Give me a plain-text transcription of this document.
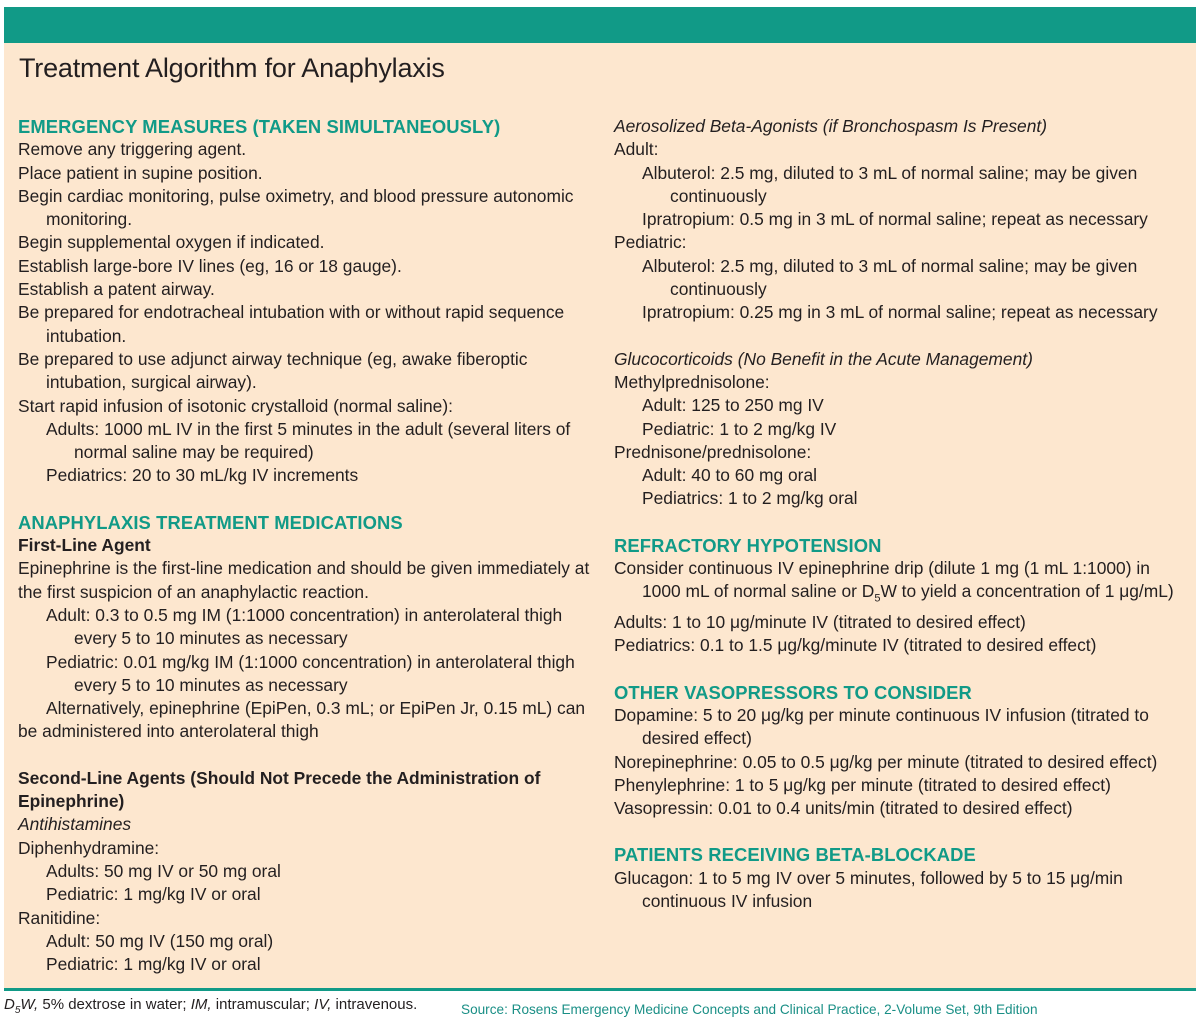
Treatment Algorithm for Anaphylaxis

EMERGENCY MEASURES (TAKEN SIMULTANEOUSLY)

Remove any triggering agent.

Place patient in supine position.

Begin cardiac monitoring, pulse oximetry, and blood pressure autonomic monitoring.

Begin supplemental oxygen if indicated.

Establish large-bore IV lines (eg, 16 or 18 gauge).

Establish a patent airway.

Be prepared for endotracheal intubation with or without rapid sequence intubation.

Be prepared to use adjunct airway technique (eg, awake fiberoptic intubation, surgical airway).

Start rapid infusion of isotonic crystalloid (normal saline):

Adults: 1000 mL IV in the first 5 minutes in the adult (several liters of normal saline may be required)

Pediatrics: 20 to 30 mL/kg IV increments

ANAPHYLAXIS TREATMENT MEDICATIONS

First-Line Agent

Epinephrine is the first-line medication and should be given immediately at the first suspicion of an anaphylactic reaction.

Adult: 0.3 to 0.5 mg IM (1:1000 concentration) in anterolateral thigh every 5 to 10 minutes as necessary

Pediatric: 0.01 mg/kg IM (1:1000 concentration) in anterolateral thigh every 5 to 10 minutes as necessary

Alternatively, epinephrine (EpiPen, 0.3 mL; or EpiPen Jr, 0.15 mL) can be administered into anterolateral thigh

Second-Line Agents (Should Not Precede the Administration of Epinephrine)

Antihistamines

Diphenhydramine:

Adults: 50 mg IV or 50 mg oral

Pediatric: 1 mg/kg IV or oral

Ranitidine:

Adult: 50 mg IV (150 mg oral)

Pediatric: 1 mg/kg IV or oral

Aerosolized Beta-Agonists (if Bronchospasm Is Present)

Adult:

Albuterol: 2.5 mg, diluted to 3 mL of normal saline; may be given continuously

Ipratropium: 0.5 mg in 3 mL of normal saline; repeat as necessary

Pediatric:

Albuterol: 2.5 mg, diluted to 3 mL of normal saline; may be given continuously

Ipratropium: 0.25 mg in 3 mL of normal saline; repeat as necessary

Glucocorticoids (No Benefit in the Acute Management)

Methylprednisolone:

Adult: 125 to 250 mg IV

Pediatric: 1 to 2 mg/kg IV

Prednisone/prednisolone:

Adult: 40 to 60 mg oral

Pediatrics: 1 to 2 mg/kg oral

REFRACTORY HYPOTENSION

Consider continuous IV epinephrine drip (dilute 1 mg (1 mL 1:1000) in 1000 mL of normal saline or $D_5W$ to yield a concentration of 1 μg/mL)

Adults: 1 to 10 μg/minute IV (titrated to desired effect)

Pediatrics: 0.1 to 1.5 μg/kg/minute IV (titrated to desired effect)

OTHER VASOPRESSORS TO CONSIDER

Dopamine: 5 to 20 μg/kg per minute continuous IV infusion (titrated to desired effect)

Norepinephrine: 0.05 to 0.5 μg/kg per minute (titrated to desired effect)

Phenylephrine: 1 to 5 μg/kg per minute (titrated to desired effect)

Vasopressin: 0.01 to 0.4 units/min (titrated to desired effect)

PATIENTS RECEIVING BETA-BLOCKADE

Glucagon: 1 to 5 mg IV over 5 minutes, followed by 5 to 15 μg/min continuous IV infusion

$D_5W$, 5% dextrose in water; IM, intramuscular; IV, intravenous.	Source: Rosens Emergency Medicine Concepts and Clinical Practice, 2-Volume Set, 9th Edition
